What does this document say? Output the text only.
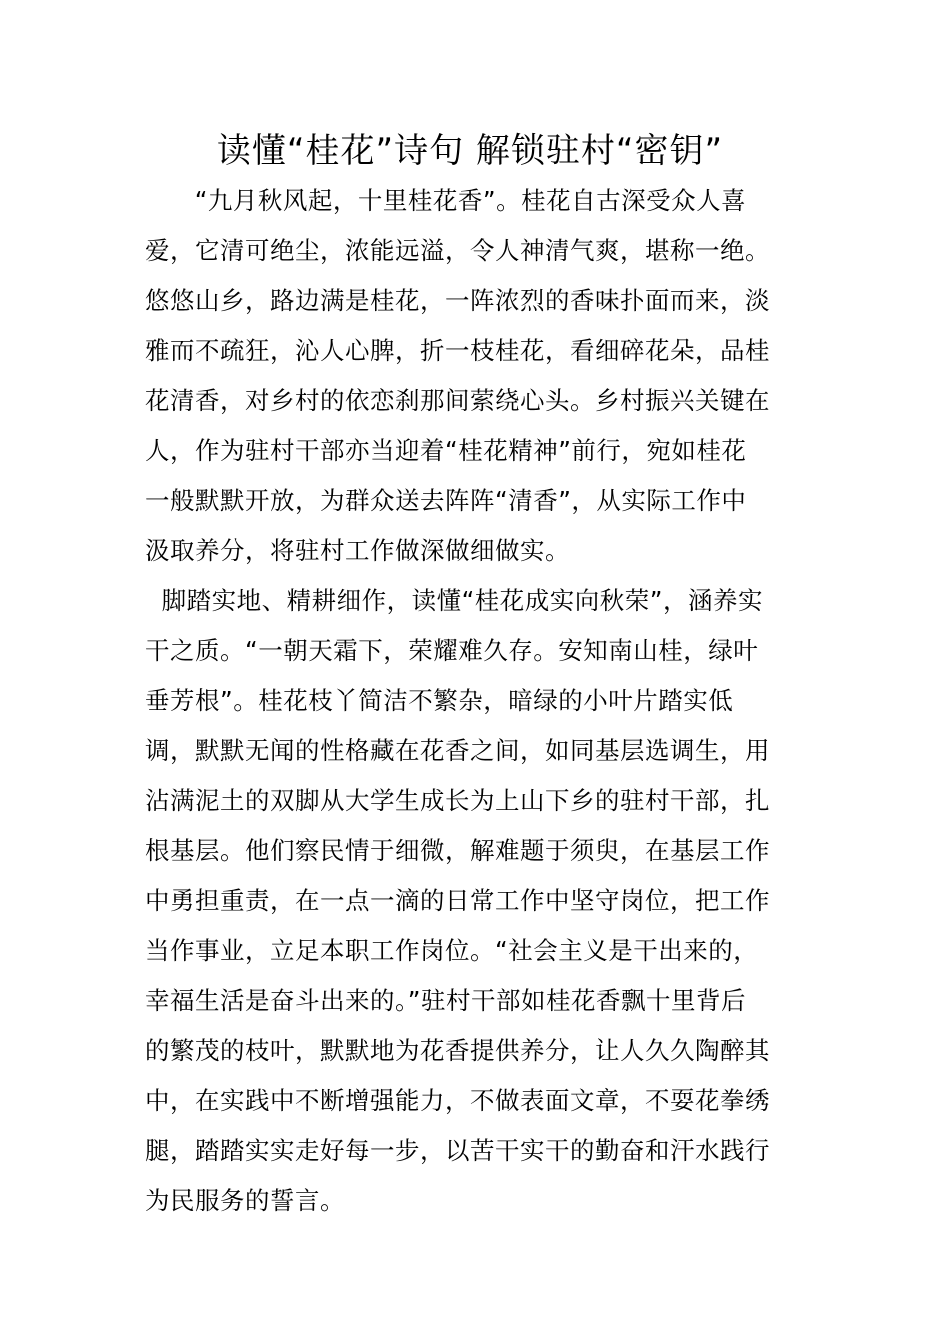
读懂“桂花”诗句 解锁驻村“密钥”
“九月秋风起，十里桂花香”。桂花自古深受众人喜
爱，它清可绝尘，浓能远溢，令人神清气爽，堪称一绝。
悠悠山乡，路边满是桂花，一阵浓烈的香味扑面而来，淡
雅而不疏狂，沁人心脾，折一枝桂花，看细碎花朵，品桂
花清香，对乡村的依恋刹那间萦绕心头。乡村振兴关键在
人，作为驻村干部亦当迎着“桂花精神”前行，宛如桂花
一般默默开放，为群众送去阵阵“清香”，从实际工作中
汲取养分，将驻村工作做深做细做实。
脚踏实地、精耕细作，读懂“桂花成实向秋荣”，涵养实
干之质。“一朝天霜下，荣耀难久存。安知南山桂，绿叶
垂芳根”。桂花枝丫简洁不繁杂，暗绿的小叶片踏实低
调，默默无闻的性格藏在花香之间，如同基层选调生，用
沾满泥土的双脚从大学生成长为上山下乡的驻村干部，扎
根基层。他们察民情于细微，解难题于须臾，在基层工作
中勇担重责，在一点一滴的日常工作中坚守岗位，把工作
当作事业，立足本职工作岗位。“社会主义是干出来的，
幸福生活是奋斗出来的。”驻村干部如桂花香飘十里背后
的繁茂的枝叶，默默地为花香提供养分，让人久久陶醉其
中，在实践中不断增强能力，不做表面文章，不耍花拳绣
腿，踏踏实实走好每一步，以苦干实干的勤奋和汗水践行
为民服务的誓言。
